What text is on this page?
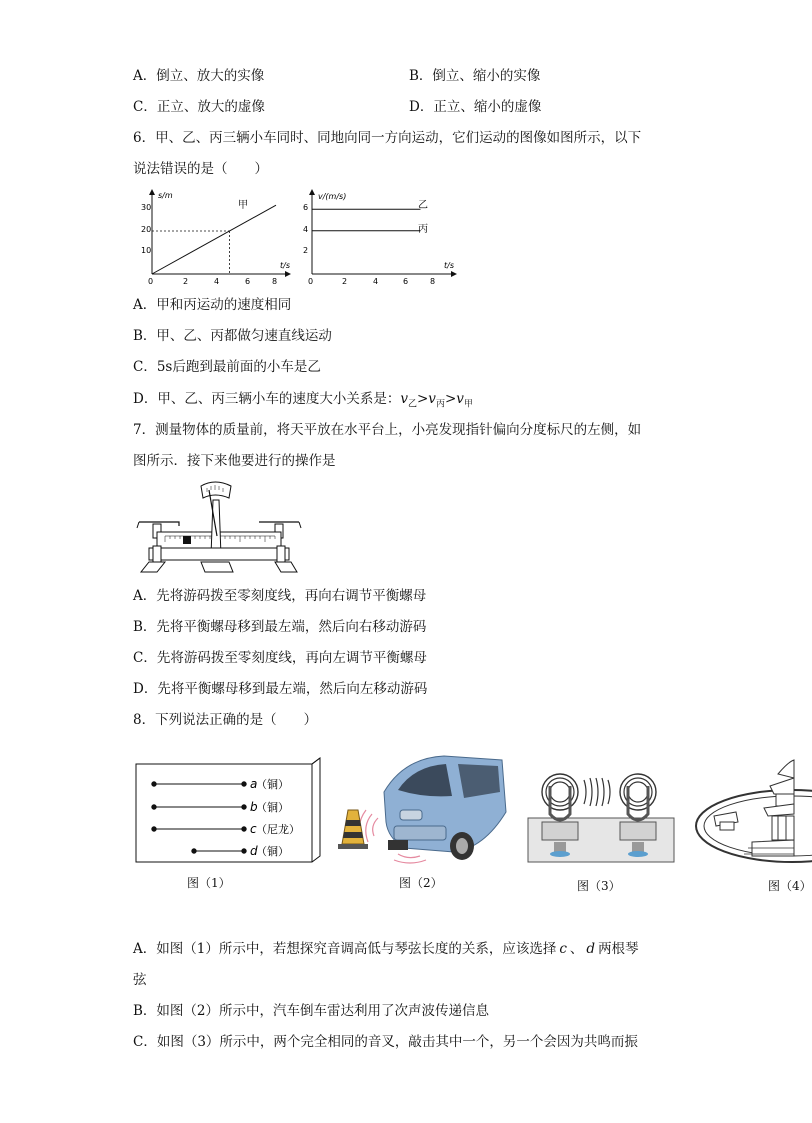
A．倒立、放大的实像	B．倒立、缩小的实像
C．正立、放大的虚像	D．正立、缩小的虚像
6．甲、乙、丙三辆小车同时、同地向同一方向运动，它们运动的图像如图所示，以下
说法错误的是（　　）
s/m
t/s
30
20
10
0	2	4	6	8
甲
v/(m/s)
t/s
6
4
2
0	2	4	6	8
乙
丙
A．甲和丙运动的速度相同
B．甲、乙、丙都做匀速直线运动
C．5s后跑到最前面的小车是乙
D．甲、乙、丙三辆小车的速度大小关系是：$v_乙>v_丙>v_甲$
7．测量物体的质量前，将天平放在水平台上，小亮发现指针偏向分度标尺的左侧，如
图所示．接下来他要进行的操作是
A．先将游码拨至零刻度线，再向右调节平衡螺母
B．先将平衡螺母移到最左端，然后向右移动游码
C．先将游码拨至零刻度线，再向左调节平衡螺母
D．先将平衡螺母移到最左端，然后向左移动游码
8．下列说法正确的是（　　）
a
（铜）
b
（铜）
c （尼龙）
d
（铜）
图（1）	图（2）	图（3）	图（4）
A．如图（1）所示中，若想探究音调高低与琴弦长度的关系，应该选择 c 、 d 两根琴
弦
B．如图（2）所示中，汽车倒车雷达利用了次声波传递信息
C．如图（3）所示中，两个完全相同的音叉，敲击其中一个，另一个会因为共鸣而振
